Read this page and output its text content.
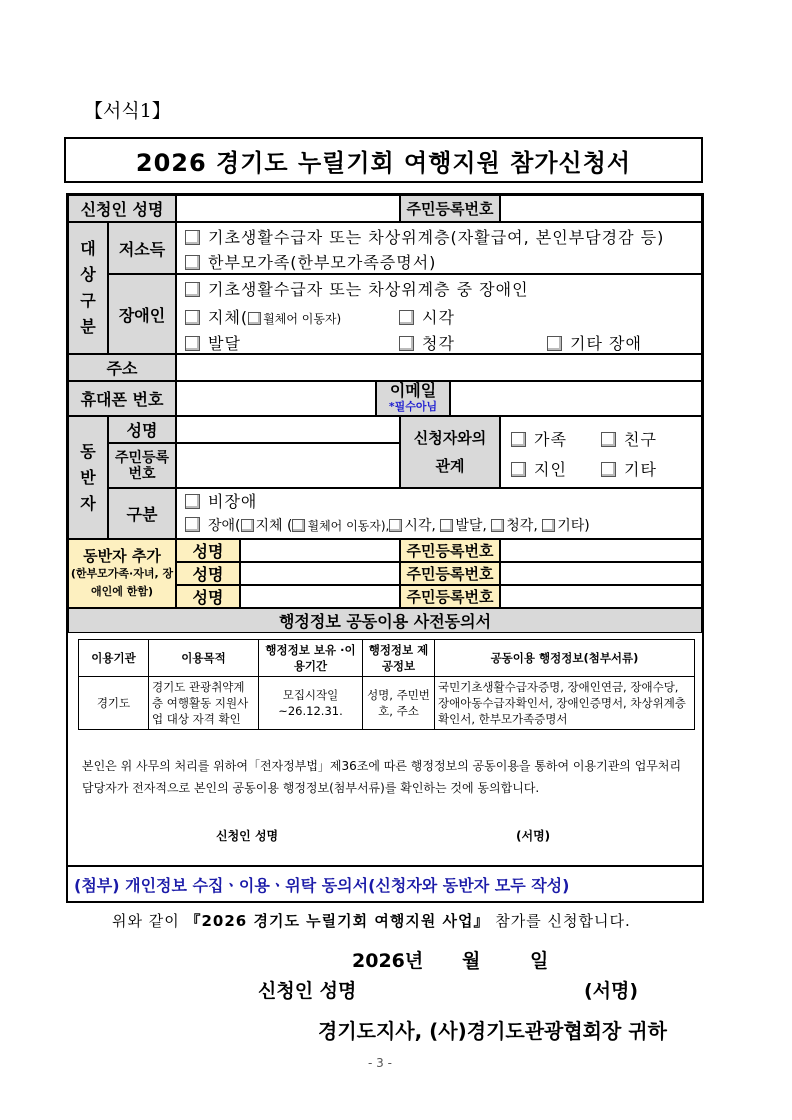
【서식1】
2026 경기도 누릴기회 여행지원 참가신청서
신청인 성명	주민등록번호
대
상
구
분
저소득
기초생활수급자 또는 차상위계층(자활급여, 본인부담경감 등)
한부모가족(한부모가족증명서)
장애인
기초생활수급자 또는 차상위계층 중 장애인
지체( 휠체어 이동자)	시각
발달	청각	기타 장애
주소
휴대폰 번호	이메일
*필수아님
동
반
자
성명
주민등록번호
신청자와의 관계
가족	친구
지인	기타
구분
비장애
장애( 지체 ( 휠체어 이동자), 시각, 발달, 청각, 기타)
동반자 추가
(한부모가족·자녀, 장애인에 한함)
성명	주민등록번호
성명	주민등록번호
성명	주민등록번호
행정정보 공동이용 사전동의서
이용기관	이용목적	행정정보 보유 ·이용기간	행정정보 제공정보	공동이용 행정정보(첨부서류)
경기도	경기도 관광취약계층 여행활동 지원사업 대상 자격 확인	모집시작일 ~26.12.31.	성명, 주민번호, 주소	국민기초생활수급자증명, 장애인연금, 장애수당, 장애아동수급자확인서, 장애인증명서, 차상위계층 확인서, 한부모가족증명서
본인은 위 사무의 처리를 위하여「전자정부법」제36조에 따른 행정정보의 공동이용을 통하여 이용기관의 업무처리담당자가 전자적으로 본인의 공동이용 행정정보(첨부서류)를 확인하는 것에 동의합니다.
신청인 성명	(서명)
(첨부) 개인정보 수집ㆍ이용ㆍ위탁 동의서(신청자와 동반자 모두 작성)
위와 같이 『2026 경기도 누릴기회 여행지원 사업』 참가를 신청합니다.
2026년 월	일
신청인 성명	(서명)
경기도지사, (사)경기도관광협회장 귀하
- 3 -
